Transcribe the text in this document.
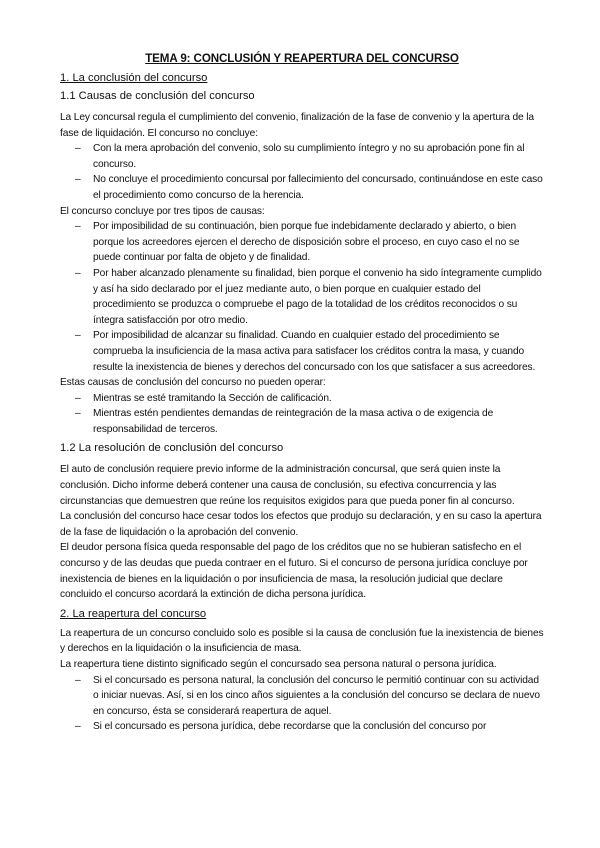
TEMA 9: CONCLUSIÓN Y REAPERTURA DEL CONCURSO
1. La conclusión del concurso
1.1 Causas de conclusión del concurso

La Ley concursal regula el cumplimiento del convenio, finalización de la fase de convenio y la apertura de la fase de liquidación. El concurso no concluye:

– Con la mera aprobación del convenio, solo su cumplimiento íntegro y no su aprobación pone fin al concurso.
– No concluye el procedimiento concursal por fallecimiento del concursado, continuándose en este caso el procedimiento como concurso de la herencia.

El concurso concluye por tres tipos de causas:

– Por imposibilidad de su continuación, bien porque fue indebidamente declarado y abierto, o bien porque los acreedores ejercen el derecho de disposición sobre el proceso, en cuyo caso el no se puede continuar por falta de objeto y de finalidad.
– Por haber alcanzado plenamente su finalidad, bien porque el convenio ha sido íntegramente cumplido y así ha sido declarado por el juez mediante auto, o bien porque en cualquier estado del procedimiento se produzca o compruebe el pago de la totalidad de los créditos reconocidos o su íntegra satisfacción por otro medio.
– Por imposibilidad de alcanzar su finalidad. Cuando en cualquier estado del procedimiento se comprueba la insuficiencia de la masa activa para satisfacer los créditos contra la masa, y cuando resulte la inexistencia de bienes y derechos del concursado con los que satisfacer a sus acreedores.

Estas causas de conclusión del concurso no pueden operar:

– Mientras se esté tramitando la Sección de calificación.
– Mientras estén pendientes demandas de reintegración de la masa activa o de exigencia de responsabilidad de terceros.
1.2 La resolución de conclusión del concurso

El auto de conclusión requiere previo informe de la administración concursal, que será quien inste la conclusión. Dicho informe deberá contener una causa de conclusión, su efectiva concurrencia y las circunstancias que demuestren que reúne los requisitos exigidos para que pueda poner fin al concurso.

La conclusión del concurso hace cesar todos los efectos que produjo su declaración, y en su caso la apertura de la fase de liquidación o la aprobación del convenio.

El deudor persona física queda responsable del pago de los créditos que no se hubieran satisfecho en el concurso y de las deudas que pueda contraer en el futuro. Si el concurso de persona jurídica concluye por inexistencia de bienes en la liquidación o por insuficiencia de masa, la resolución judicial que declare concluido el concurso acordará la extinción de dicha persona jurídica.

2. La reapertura del concurso

La reapertura de un concurso concluido solo es posible si la causa de conclusión fue la inexistencia de bienes y derechos en la liquidación o la insuficiencia de masa.

La reapertura tiene distinto significado según el concursado sea persona natural o persona jurídica.

– Si el concursado es persona natural, la conclusión del concurso le permitió continuar con su actividad o iniciar nuevas. Así, si en los cinco años siguientes a la conclusión del concurso se declara de nuevo en concurso, ésta se considerará reapertura de aquel.
– Si el concursado es persona jurídica, debe recordarse que la conclusión del concurso por
